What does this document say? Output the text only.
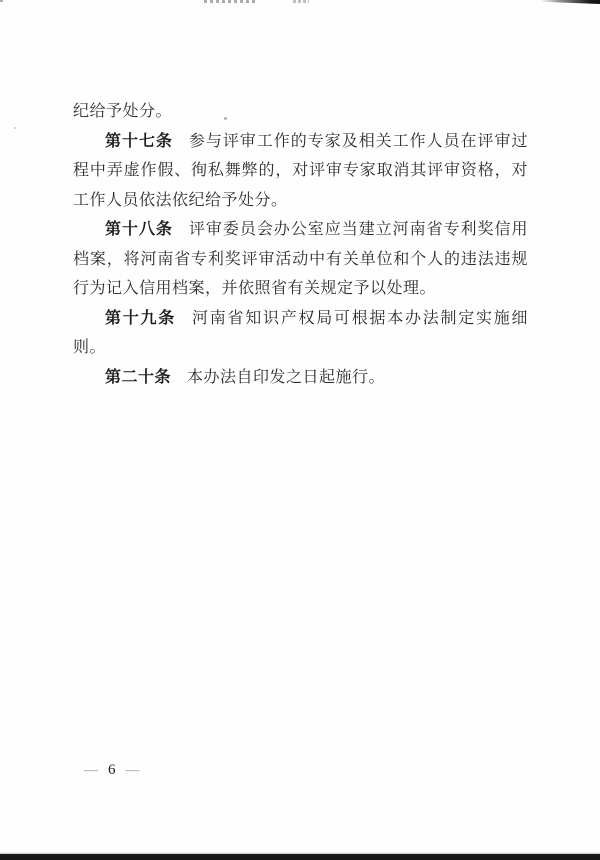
纪给予处分。

第十七条 参与评审工作的专家及相关工作人员在评审过程中弄虚作假、徇私舞弊的，对评审专家取消其评审资格，对工作人员依法依纪给予处分。

第十八条 评审委员会办公室应当建立河南省专利奖信用档案，将河南省专利奖评审活动中有关单位和个人的违法违规行为记入信用档案，并依照省有关规定予以处理。

第十九条 河南省知识产权局可根据本办法制定实施细则。

第二十条 本办法自印发之日起施行。

— 6 —
